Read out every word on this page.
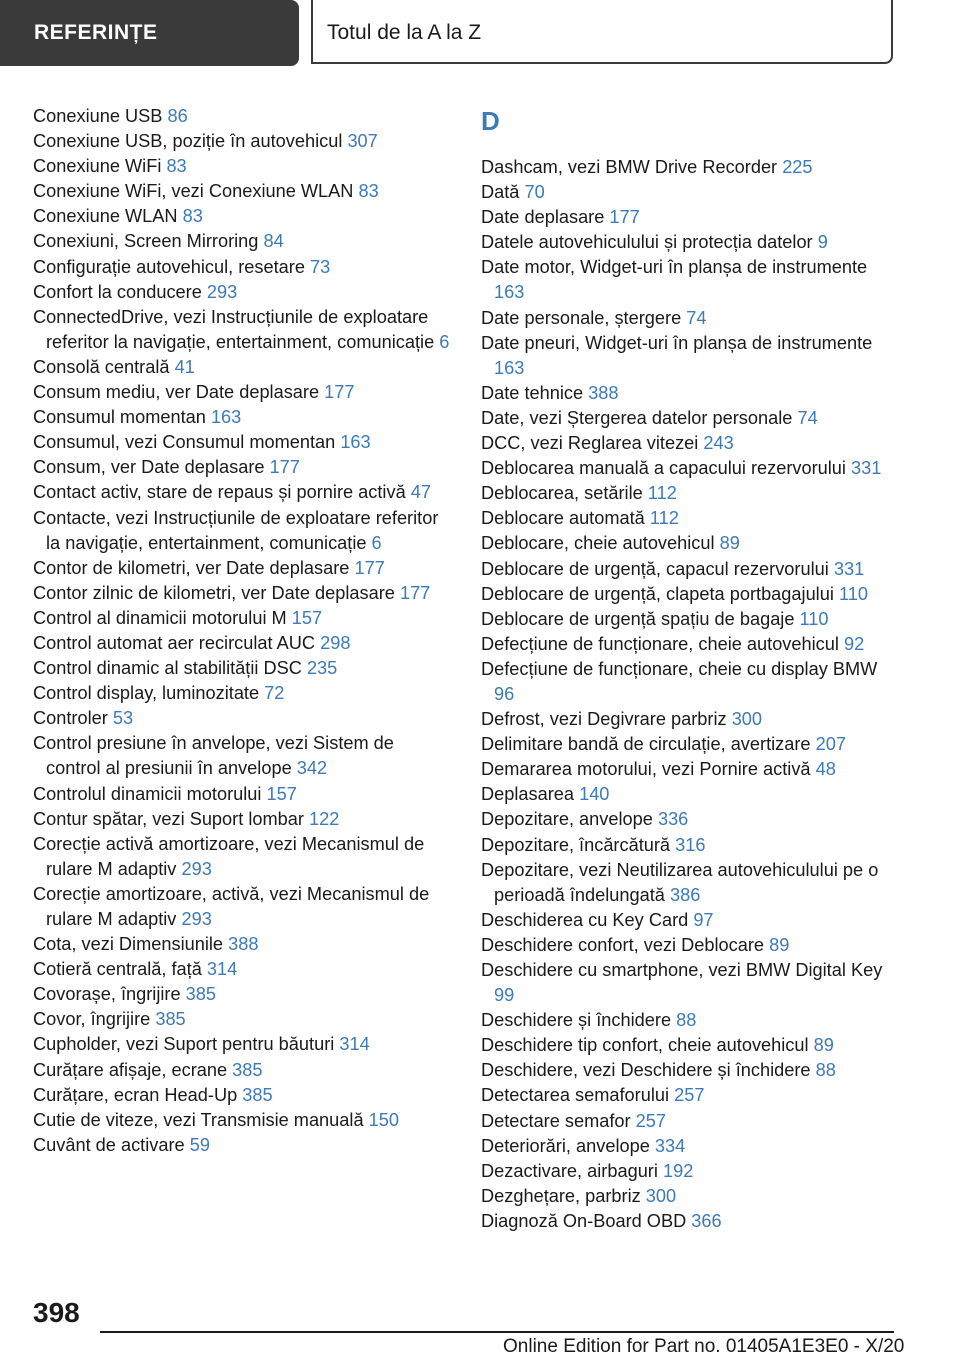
REFERINȚE	Totul de la A la Z
Conexiune USB 86
Conexiune USB, poziție în autovehicul 307
Conexiune WiFi 83
Conexiune WiFi, vezi Conexiune WLAN 83
Conexiune WLAN 83
Conexiuni, Screen Mirroring 84
Configurație autovehicul, resetare 73
Confort la conducere 293
ConnectedDrive, vezi Instrucțiunile de exploatare referitor la navigație, entertainment, comunicație 6
Consolă centrală 41
Consum mediu, ver Date deplasare 177
Consumul momentan 163
Consumul, vezi Consumul momentan 163
Consum, ver Date deplasare 177
Contact activ, stare de repaus și pornire activă 47
Contacte, vezi Instrucțiunile de exploatare referitor la navigație, entertainment, comunicație 6
Contor de kilometri, ver Date deplasare 177
Contor zilnic de kilometri, ver Date deplasare 177
Control al dinamicii motorului M 157
Control automat aer recirculat AUC 298
Control dinamic al stabilității DSC 235
Control display, luminozitate 72
Controler 53
Control presiune în anvelope, vezi Sistem de control al presiunii în anvelope 342
Controlul dinamicii motorului 157
Contur spătar, vezi Suport lombar 122
Corecție activă amortizoare, vezi Mecanismul de rulare M adaptiv 293
Corecție amortizoare, activă, vezi Mecanismul de rulare M adaptiv 293
Cota, vezi Dimensiunile 388
Cotieră centrală, față 314
Covorașe, îngrijire 385
Covor, îngrijire 385
Cupholder, vezi Suport pentru băuturi 314
Curățare afișaje, ecrane 385
Curățare, ecran Head-Up 385
Cutie de viteze, vezi Transmisie manuală 150
Cuvânt de activare 59
D
Dashcam, vezi BMW Drive Recorder 225
Dată 70
Date deplasare 177
Datele autovehiculului și protecția datelor 9
Date motor, Widget-uri în planșa de instrumente 163
Date personale, ștergere 74
Date pneuri, Widget-uri în planșa de instrumente 163
Date tehnice 388
Date, vezi Ștergerea datelor personale 74
DCC, vezi Reglarea vitezei 243
Deblocarea manuală a capacului rezervorului 331
Deblocarea, setările 112
Deblocare automată 112
Deblocare, cheie autovehicul 89
Deblocare de urgență, capacul rezervorului 331
Deblocare de urgență, clapeta portbagajului 110
Deblocare de urgență spațiu de bagaje 110
Defecțiune de funcționare, cheie autovehicul 92
Defecțiune de funcționare, cheie cu display BMW 96
Defrost, vezi Degivrare parbriz 300
Delimitare bandă de circulație, avertizare 207
Demararea motorului, vezi Pornire activă 48
Deplasarea 140
Depozitare, anvelope 336
Depozitare, încărcătură 316
Depozitare, vezi Neutilizarea autovehiculului pe o perioadă îndelungată 386
Deschiderea cu Key Card 97
Deschidere confort, vezi Deblocare 89
Deschidere cu smartphone, vezi BMW Digital Key 99
Deschidere și închidere 88
Deschidere tip confort, cheie autovehicul 89
Deschidere, vezi Deschidere și închidere 88
Detectarea semaforului 257
Detectare semafor 257
Deteriorări, anvelope 334
Dezactivare, airbaguri 192
Dezghețare, parbriz 300
Diagnoză On-Board OBD 366
398
Online Edition for Part no. 01405A1E3E0 - X/20
